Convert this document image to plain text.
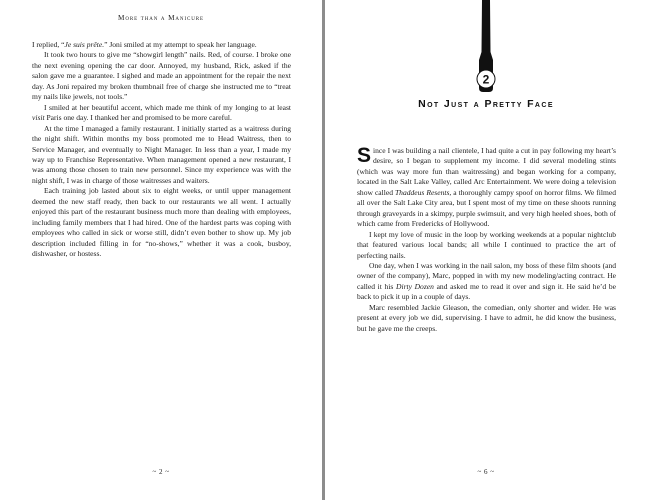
More than a Manicure

I replied, “Je suis prête.” Joni smiled at my attempt to speak her language.

It took two hours to give me “showgirl length” nails. Red, of course. I broke one the next evening opening the car door. Annoyed, my husband, Rick, asked if the salon gave me a guarantee. I sighed and made an appointment for the repair the next day. As Joni repaired my broken thumbnail free of charge she instructed me to “treat my nails like jewels, not tools.”

I smiled at her beautiful accent, which made me think of my longing to at least visit Paris one day. I thanked her and promised to be more careful.

At the time I managed a family restaurant. I initially started as a waitress during the night shift. Within months my boss promoted me to Head Waitress, then to Service Manager, and eventually to Night Manager. In less than a year, I made my way up to Franchise Representative. When management opened a new restaurant, I was among those chosen to train new personnel. Since my experience was with the night shift, I was in charge of those waitresses and waiters.

Each training job lasted about six to eight weeks, or until upper management deemed the new staff ready, then back to our restaurants we all went. I actually enjoyed this part of the restaurant business much more than dealing with employees, including family members that I had hired. One of the hardest parts was coping with employees who called in sick or worse still, didn’t even bother to show up. My job description included filling in for “no-shows,” whether it was a cook, busboy, dishwasher, or hostess.

~ 2 ~
2
Not Just a Pretty Face

Since I was building a nail clientele, I had quite a cut in pay following my heart’s desire, so I began to supplement my income. I did several modeling stints (which was way more fun than waitressing) and began working for a company, located in the Salt Lake Valley, called Arc Entertainment. We were doing a television show called Thaddeus Resents, a thoroughly campy spoof on horror films. We filmed all over the Salt Lake City area, but I spent most of my time on these shoots running through graveyards in a skimpy, purple swimsuit, and very high heeled shoes, both of which came from Fredericks of Hollywood.

I kept my love of music in the loop by working weekends at a popular nightclub that featured various local bands; all while I continued to practice the art of perfecting nails.

One day, when I was working in the nail salon, my boss of these film shoots (and owner of the company), Marc, popped in with my new modeling/acting contract. He called it his Dirty Dozen and asked me to read it over and sign it. He said he’d be back to pick it up in a couple of days.

Marc resembled Jackie Gleason, the comedian, only shorter and wider. He was present at every job we did, supervising. I have to admit, he did know the business, but he gave me the creeps.

~ 6 ~
